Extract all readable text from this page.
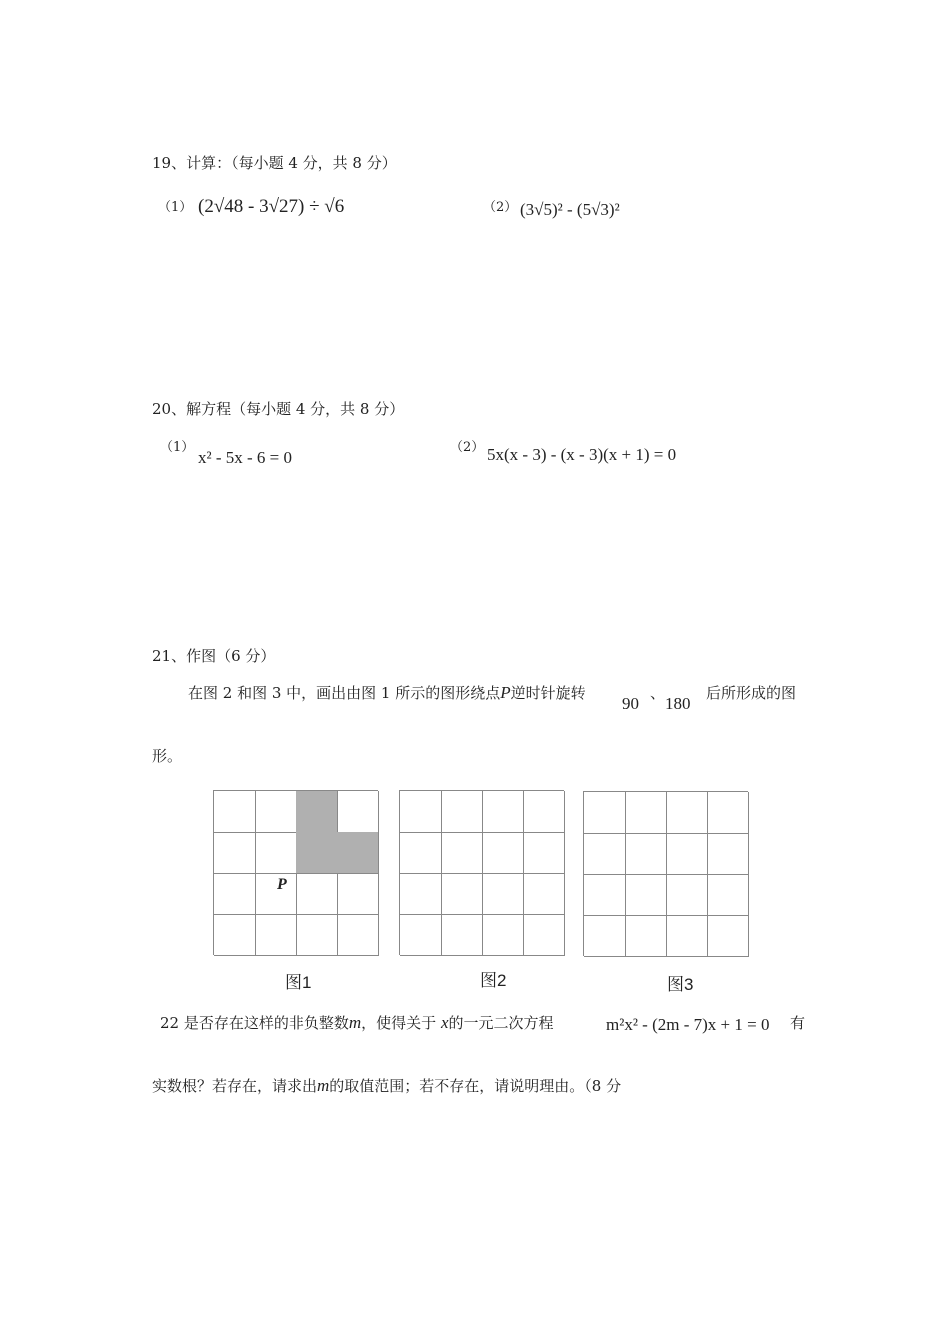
19、计算：（每小题 4 分，共 8 分）
（1） (2√48 - 3√27) ÷ √6	（2） (3√5)² - (5√3)²
20、解方程（每小题 4 分，共 8 分）
（1）
x² - 5x - 6 = 0
（2） 5x(x - 3) - (x - 3)(x + 1) = 0
21、作图（6 分）
在图 2 和图 3 中，画出由图 1 所示的图形绕点P逆时针旋转
90
、
180
后所形成的图
形。
P
图1	图2	图3
22 是否存在这样的非负整数m，使得关于 x的一元二次方程	m²x² - (2m - 7)x + 1 = 0 有
实数根？若存在，请求出m的取值范围；若不存在，请说明理由。（8 分
